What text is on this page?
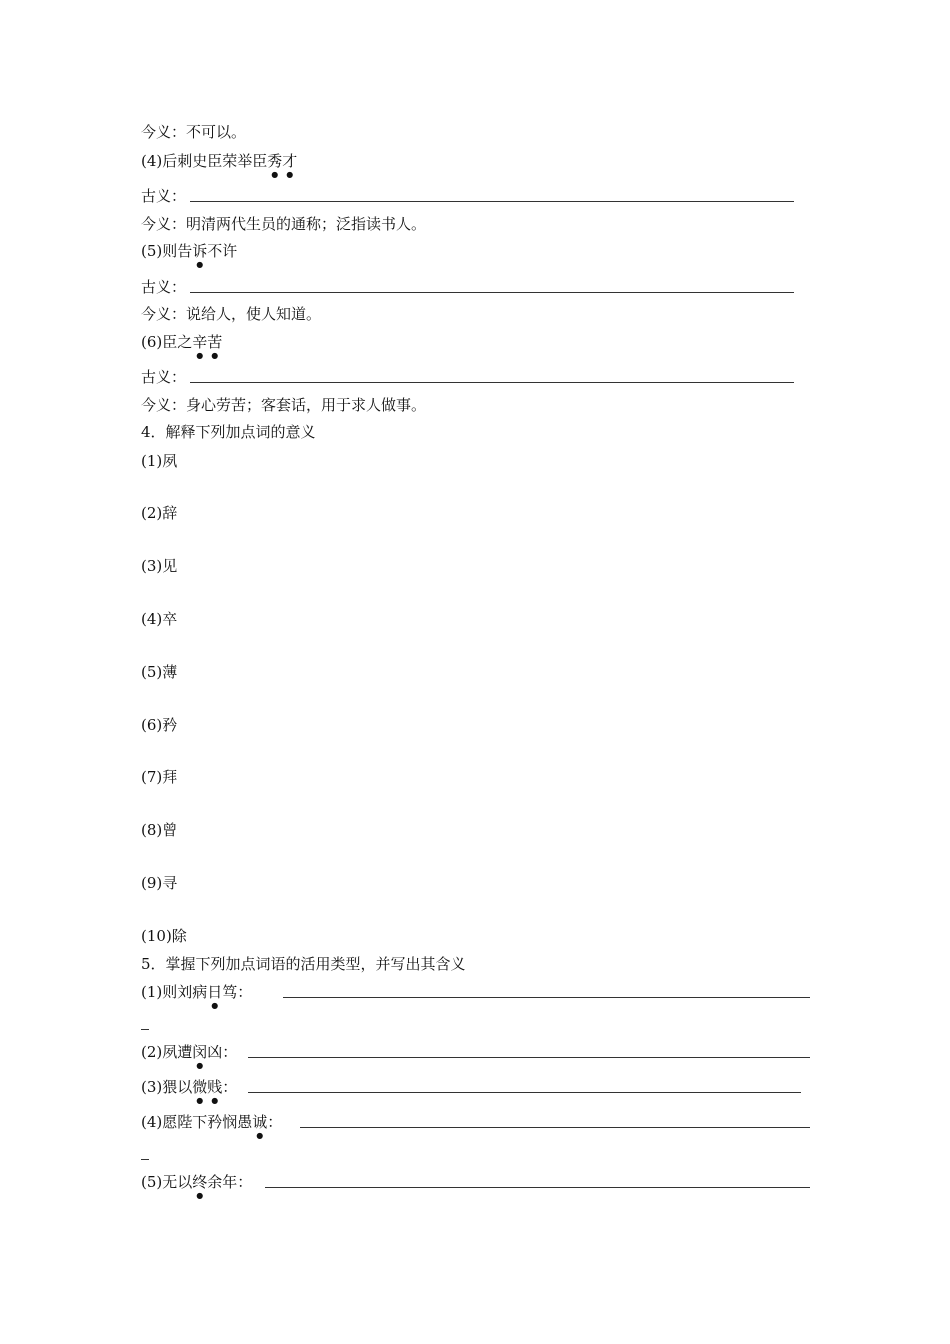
今义：不可以。
(4)后刺史臣荣举臣秀才
古义：
今义：明清两代生员的通称；泛指读书人。
(5)则告诉不许
古义：
今义：说给人，使人知道。
(6)臣之辛苦
古义：
今义：身心劳苦；客套话，用于求人做事。
4．解释下列加点词的意义
(1)夙
(2)辞
(3)见
(4)卒
(5)薄
(6)矜
(7)拜
(8)曾
(9)寻
(10)除
5．掌握下列加点词语的活用类型，并写出其含义
(1)则刘病日笃：
(2)夙遭闵凶：
(3)猥以微贱：
(4)愿陛下矜悯愚诚：
(5)无以终余年：
